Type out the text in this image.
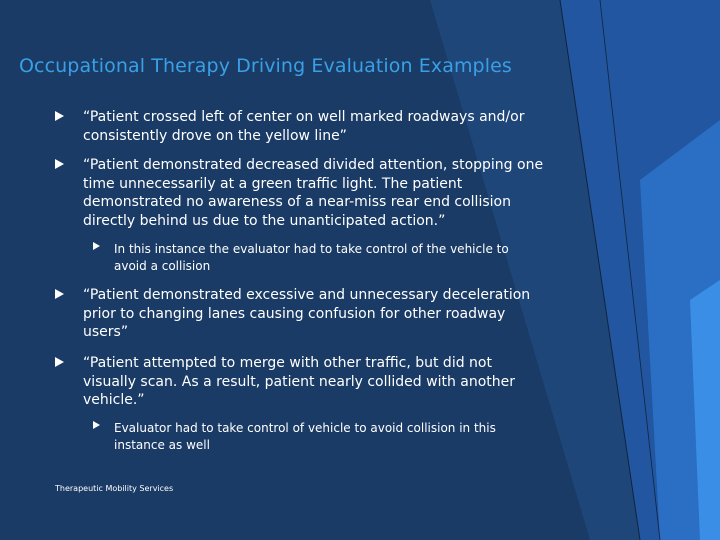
Occupational Therapy Driving Evaluation Examples
“Patient crossed left of center on well marked roadways and/or consistently drove on the yellow line”
“Patient demonstrated decreased divided attention, stopping one time unnecessarily at a green traffic light. The patient demonstrated no awareness of a near-miss rear end collision directly behind us due to the unanticipated action.”
In this instance the evaluator had to take control of the vehicle to avoid a collision
“Patient demonstrated excessive and unnecessary deceleration prior to changing lanes causing confusion for other roadway users”
“Patient attempted to merge with other traffic, but did not visually scan. As a result, patient nearly collided with another vehicle.”
Evaluator had to take control of vehicle to avoid collision in this instance as well
Therapeutic Mobility Services
